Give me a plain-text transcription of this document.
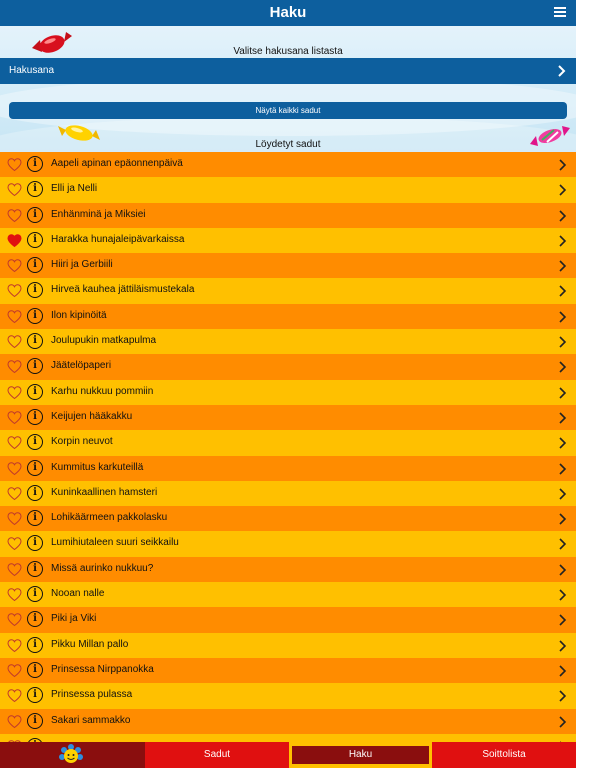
Haku
Valitse hakusana listasta
Hakusana
Näytä kaikki sadut
Löydetyt sadut
i	Aapeli apinan epäonnenpäivä
i	Elli ja Nelli
i	Enhänminä ja Miksiei
i	Harakka hunajaleipävarkaissa
i	Hiiri ja Gerbiili
i	Hirveä kauhea jättiläismustekala
i	Ilon kipinöitä
i	Joulupukin matkapulma
i	Jäätelöpaperi
i	Karhu nukkuu pommiin
i	Keijujen hääkakku
i	Korpin neuvot
i	Kummitus karkuteillä
i	Kuninkaallinen hamsteri
i	Lohikäärmeen pakkolasku
i	Lumihiutaleen suuri seikkailu
i	Missä aurinko nukkuu?
i	Nooan nalle
i	Piki ja Viki
i	Pikku Millan pallo
i	Prinsessa Nirppanokka
i	Prinsessa pulassa
i	Sakari sammakko
Sadut	Haku	Soittolista
